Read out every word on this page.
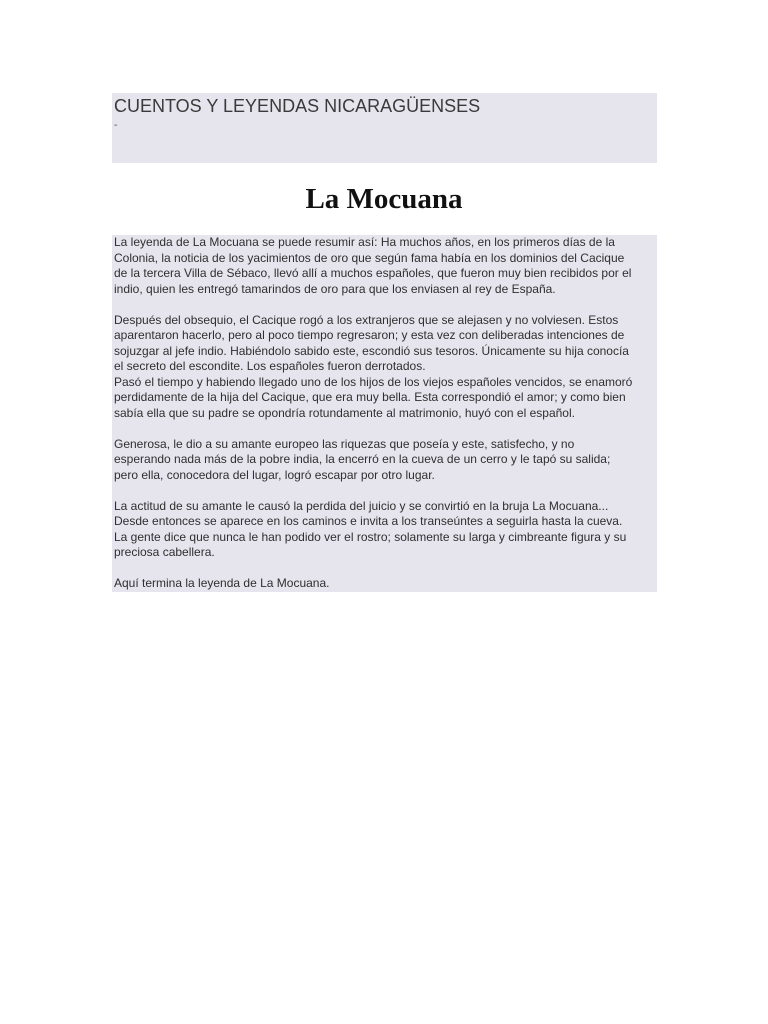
CUENTOS Y LEYENDAS NICARAGÜENSES
-
La Mocuana

La leyenda de La Mocuana se puede resumir así: Ha muchos años, en los primeros días de la
Colonia, la noticia de los yacimientos de oro que según fama había en los dominios del Cacique
de la tercera Villa de Sébaco, llevó allí a muchos españoles, que fueron muy bien recibidos por el
indio, quien les entregó tamarindos de oro para que los enviasen al rey de España.

Después del obsequio, el Cacique rogó a los extranjeros que se alejasen y no volviesen. Estos
aparentaron hacerlo, pero al poco tiempo regresaron; y esta vez con deliberadas intenciones de
sojuzgar al jefe indio. Habiéndolo sabido este, escondió sus tesoros. Únicamente su hija conocía
el secreto del escondite. Los españoles fueron derrotados.
Pasó el tiempo y habiendo llegado uno de los hijos de los viejos españoles vencidos, se enamoró
perdidamente de la hija del Cacique, que era muy bella. Esta correspondió el amor; y como bien
sabía ella que su padre se opondría rotundamente al matrimonio, huyó con el español.

Generosa, le dio a su amante europeo las riquezas que poseía y este, satisfecho, y no
esperando nada más de la pobre india, la encerró en la cueva de un cerro y le tapó su salida;
pero ella, conocedora del lugar, logró escapar por otro lugar.

La actitud de su amante le causó la perdida del juicio y se convirtió en la bruja La Mocuana...
Desde entonces se aparece en los caminos e invita a los transeúntes a seguirla hasta la cueva.
La gente dice que nunca le han podido ver el rostro; solamente su larga y cimbreante figura y su
preciosa cabellera.

Aquí termina la leyenda de La Mocuana.
